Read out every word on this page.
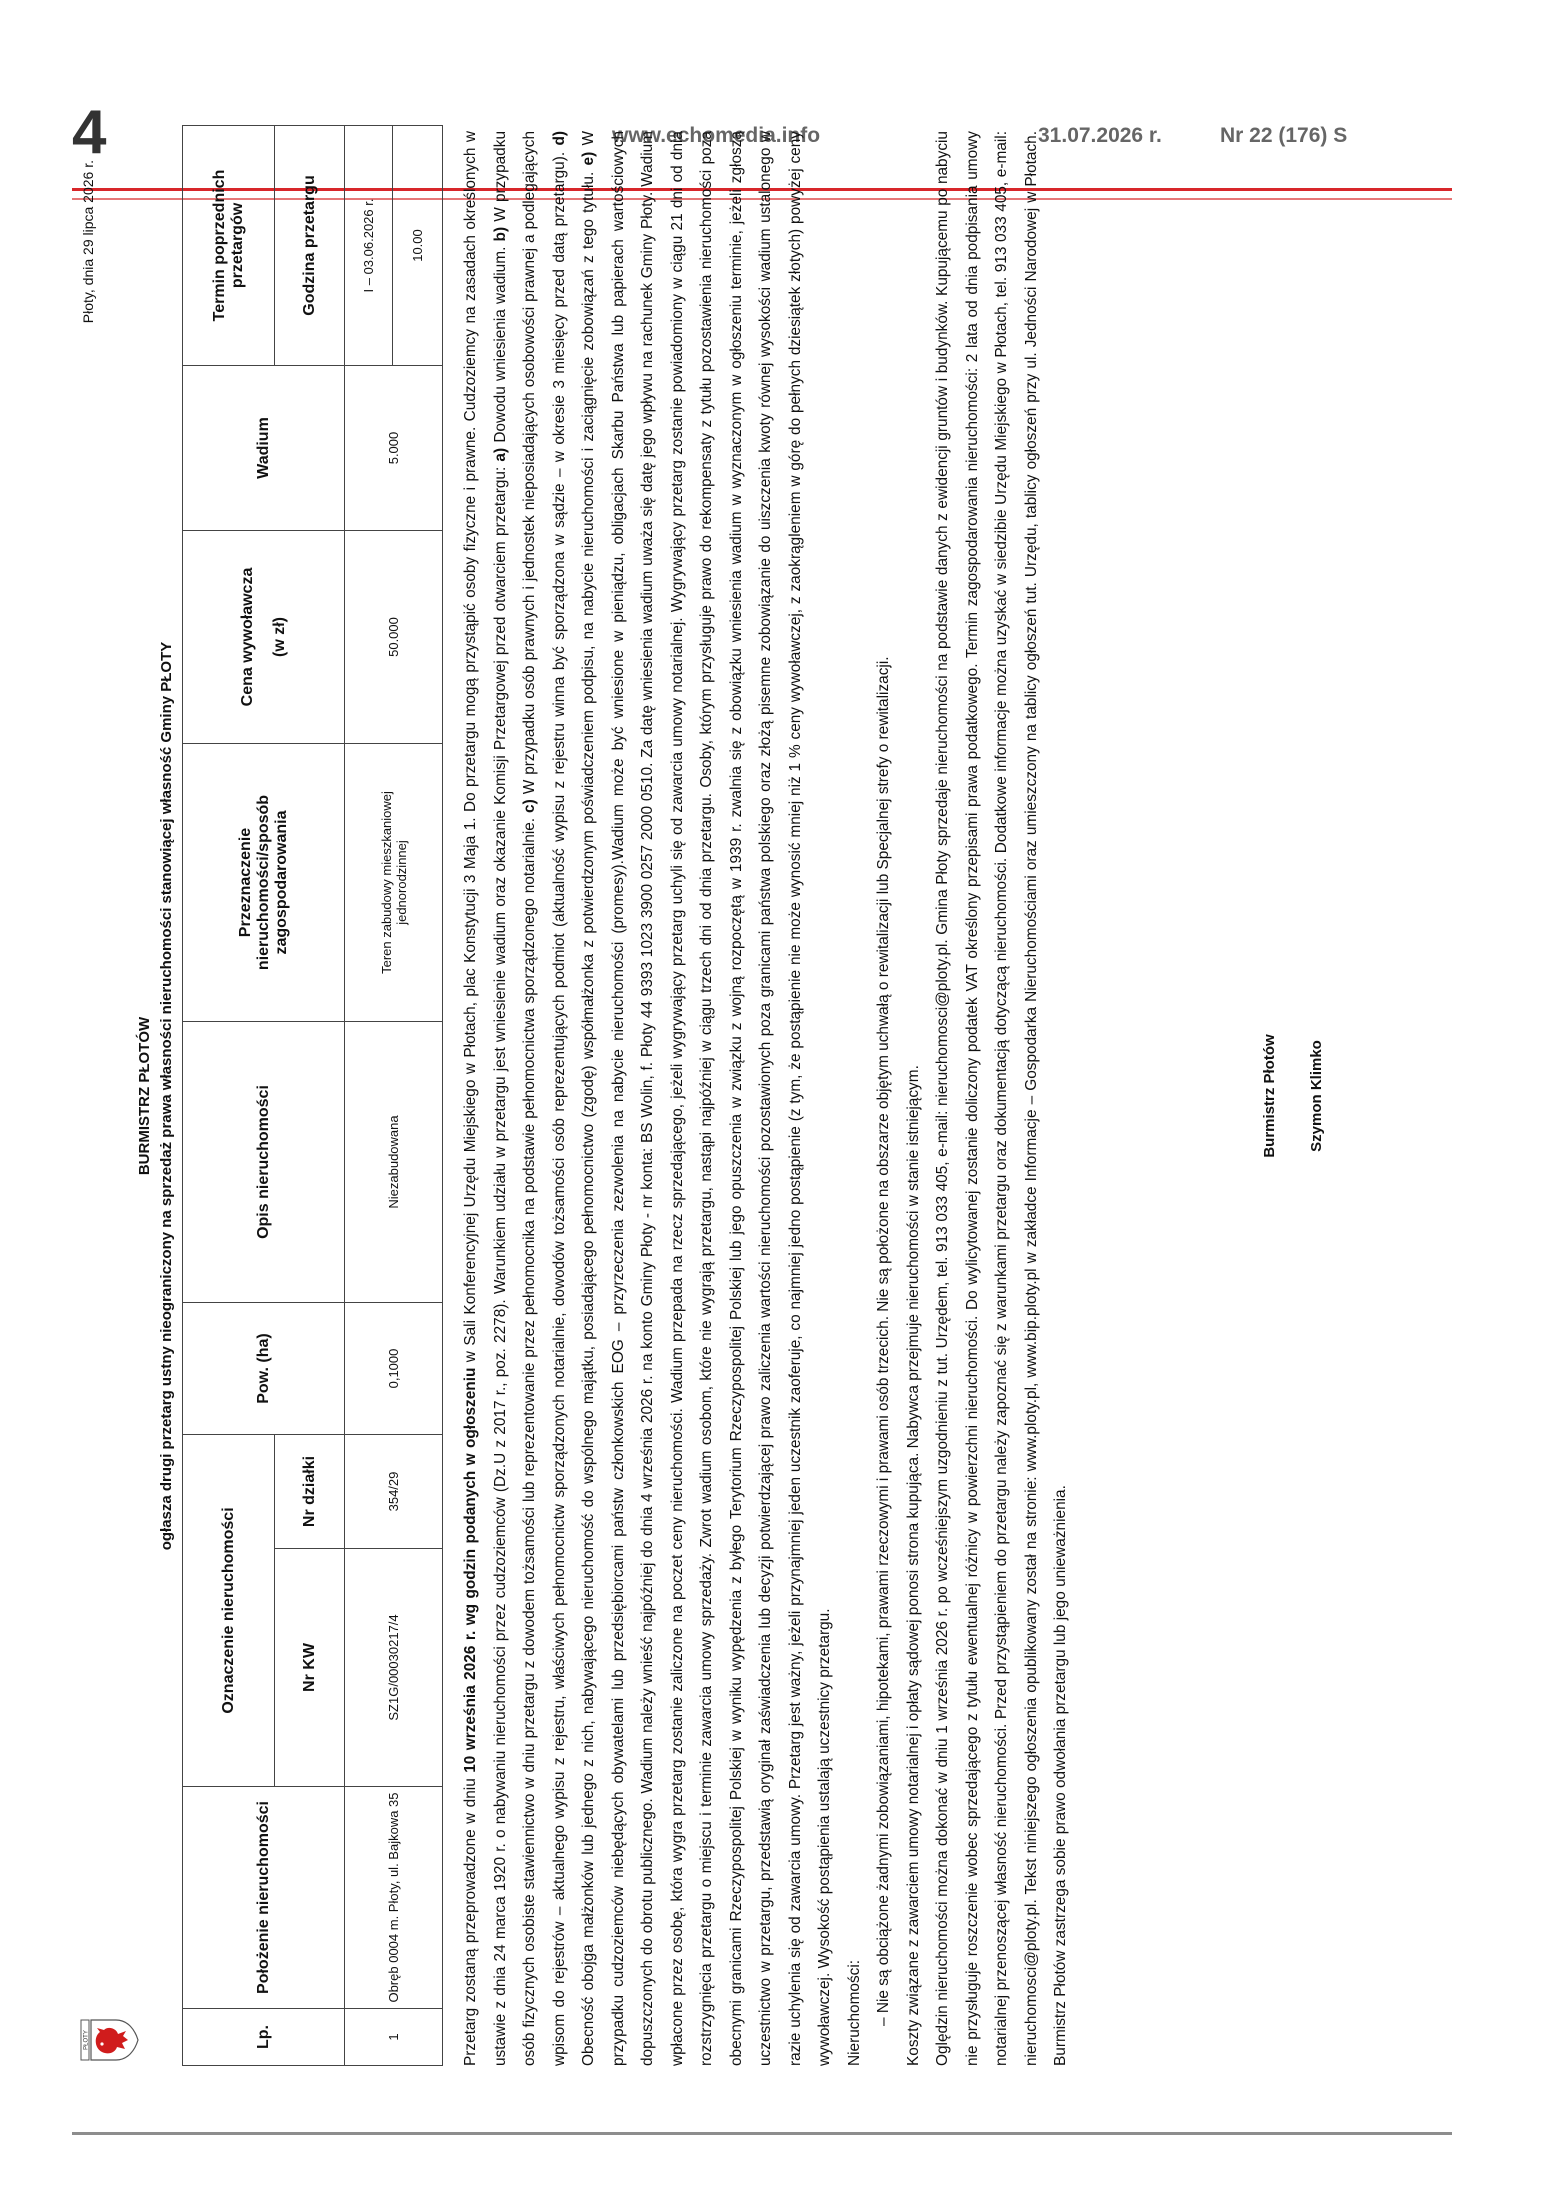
4	www.echomedia.info	31.07.2026 r.	Nr 22 (176) S
PŁOTY
Płoty, dnia 29 lipca 2026 r.
BURMISTRZ PŁOTÓW ogłasza drugi przetarg ustny nieograniczony na sprzedaż prawa własności nieruchomości stanowiącej własność Gminy PŁOTY
Lp.	Położenie nieruchomości	Oznaczenie nieruchomości		Pow. (ha)	Opis nieruchomości	Przeznaczenie nieruchomości/sposób zagospodarowania	Cena wywoławcza (w zł)	Wadium	Termin poprzednich przetargów
		Nr KW	Nr działki						Godzina przetargu
1	Obręb 0004 m. Płoty, ul. Bajkowa 35	SZ1G/00030217/4	354/29	0,1000	Niezabudowana	Teren zabudowy mieszkaniowej jednorodzinnej	50.000	5.000	I – 03.06.2026 r.
									10.00

Przetarg zostaną przeprowadzone w dniu 10 września 2026 r. wg godzin podanych w ogłoszeniu w Sali Konferencyjnej Urzędu Miejskiego w Płotach, plac Konstytucji 3 Maja 1. Do przetargu mogą przystąpić osoby fizyczne i prawne. Cudzoziemcy na zasadach określonych w ustawie z dnia 24 marca 1920 r. o nabywaniu nieruchomości przez cudzoziemców (Dz.U z 2017 r., poz. 2278). Warunkiem udziału w przetargu jest wniesienie wadium oraz okazanie Komisji Przetargowej przed otwarciem przetargu: a) Dowodu wniesienia wadium. b) W przypadku osób fizycznych osobiste stawiennictwo w dniu przetargu z dowodem tożsamości lub reprezentowanie przez pełnomocnika na podstawie pełnomocnictwa sporządzonego notarialnie. c) W przypadku osób prawnych i jednostek nieposiadających osobowości prawnej a podlegających wpisom do rejestrów – aktualnego wypisu z rejestru, właściwych pełnomocnictw sporządzonych notarialnie, dowodów tożsamości osób reprezentujących podmiot (aktualność wypisu z rejestru winna być sporządzona w sądzie – w okresie 3 miesięcy przed datą przetargu). d) Obecność obojga małżonków lub jednego z nich, nabywającego nieruchomość do wspólnego majątku, posiadającego pełnomocnictwo (zgodę) współmałżonka z potwierdzonym poświadczeniem podpisu, na nabycie nieruchomości i zaciągnięcie zobowiązań z tego tytułu. e) W przypadku cudzoziemców niebędących obywatelami lub przedsiębiorcami państw członkowskich EOG – przyrzeczenia zezwolenia na nabycie nieruchomości (promesy).Wadium może być wniesione w pieniądzu, obligacjach Skarbu Państwa lub papierach wartościowych dopuszczonych do obrotu publicznego. Wadium należy wnieść najpóźniej do dnia 4 września 2026 r. na konto Gminy Płoty - nr konta: BS Wolin, f. Płoty 44 9393 1023 3900 0257 2000 0510. Za datę wniesienia wadium uważa się datę jego wpływu na rachunek Gminy Płoty. Wadium wpłacone przez osobę, która wygra przetarg zostanie zaliczone na poczet ceny nieruchomości. Wadium przepada na rzecz sprzedającego, jeżeli wygrywający przetarg uchyli się od zawarcia umowy notarialnej. Wygrywający przetarg zostanie powiadomiony w ciągu 21 dni od dnia rozstrzygnięcia przetargu o miejscu i terminie zawarcia umowy sprzedaży. Zwrot wadium osobom, które nie wygrają przetargu, nastąpi najpóźniej w ciągu trzech dni od dnia przetargu. Osoby, którym przysługuje prawo do rekompensaty z tytułu pozostawienia nieruchomości poza obecnymi granicami Rzeczypospolitej Polskiej w wyniku wypędzenia z byłego Terytorium Rzeczypospolitej Polskiej lub jego opuszczenia w związku z wojną rozpoczętą w 1939 r. zwalnia się z obowiązku wniesienia wadium w wyznaczonym w ogłoszeniu terminie, jeżeli zgłoszą uczestnictwo w przetargu, przedstawią oryginał zaświadczenia lub decyzji potwierdzającej prawo zaliczenia wartości nieruchomości pozostawionych poza granicami państwa polskiego oraz złożą pisemne zobowiązanie do uiszczenia kwoty równej wysokości wadium ustalonego w razie uchylenia się od zawarcia umowy. Przetarg jest ważny, jeżeli przynajmniej jeden uczestnik zaoferuje, co najmniej jedno postąpienie (z tym, że postąpienie nie może wynosić mniej niż 1 % ceny wywoławczej, z zaokrągleniem w górę do pełnych dziesiątek złotych) powyżej ceny wywoławczej. Wysokość postąpienia ustalają uczestnicy przetargu. Nieruchomości: – Nie są obciążone żadnymi zobowiązaniami, hipotekami, prawami rzeczowymi i prawami osób trzecich. Nie są położone na obszarze objętym uchwałą o rewitalizacji lub Specjalnej strefy o rewitalizacji. Koszty związane z zawarciem umowy notarialnej i opłaty sądowej ponosi strona kupująca. Nabywca przejmuje nieruchomości w stanie istniejącym. Oględzin nieruchomości można dokonać w dniu 1 września 2026 r. po wcześniejszym uzgodnieniu z tut. Urzędem, tel. 913 033 405, e-mail: nieruchomosci@ploty.pl. Gmina Płoty sprzedaje nieruchomości na podstawie danych z ewidencji gruntów i budynków. Kupującemu po nabyciu nie przysługuje roszczenie wobec sprzedającego z tytułu ewentualnej różnicy w powierzchni nieruchomości. Do wylicytowanej zostanie doliczony podatek VAT określony przepisami prawa podatkowego. Termin zagospodarowania nieruchomości: 2 lata od dnia podpisania umowy notarialnej przenoszącej własność nieruchomości. Przed przystąpieniem do przetargu należy zapoznać się z warunkami przetargu oraz dokumentacją dotyczącą nieruchomości. Dodatkowe informacje można uzyskać w siedzibie Urzędu Miejskiego w Płotach, tel. 913 033 405, e-mail: nieruchomosci@ploty.pl. Tekst niniejszego ogłoszenia opublikowany został na stronie: www.ploty.pl, www.bip.ploty.pl w zakładce Informacje – Gospodarka Nieruchomościami oraz umieszczony na tablicy ogłoszeń tut. Urzędu, tablicy ogłoszeń przy ul. Jedności Narodowej w Płotach. Burmistrz Płotów zastrzega sobie prawo odwołania przetargu lub jego unieważnienia.

Burmistrz Płotów Szymon Klimko
